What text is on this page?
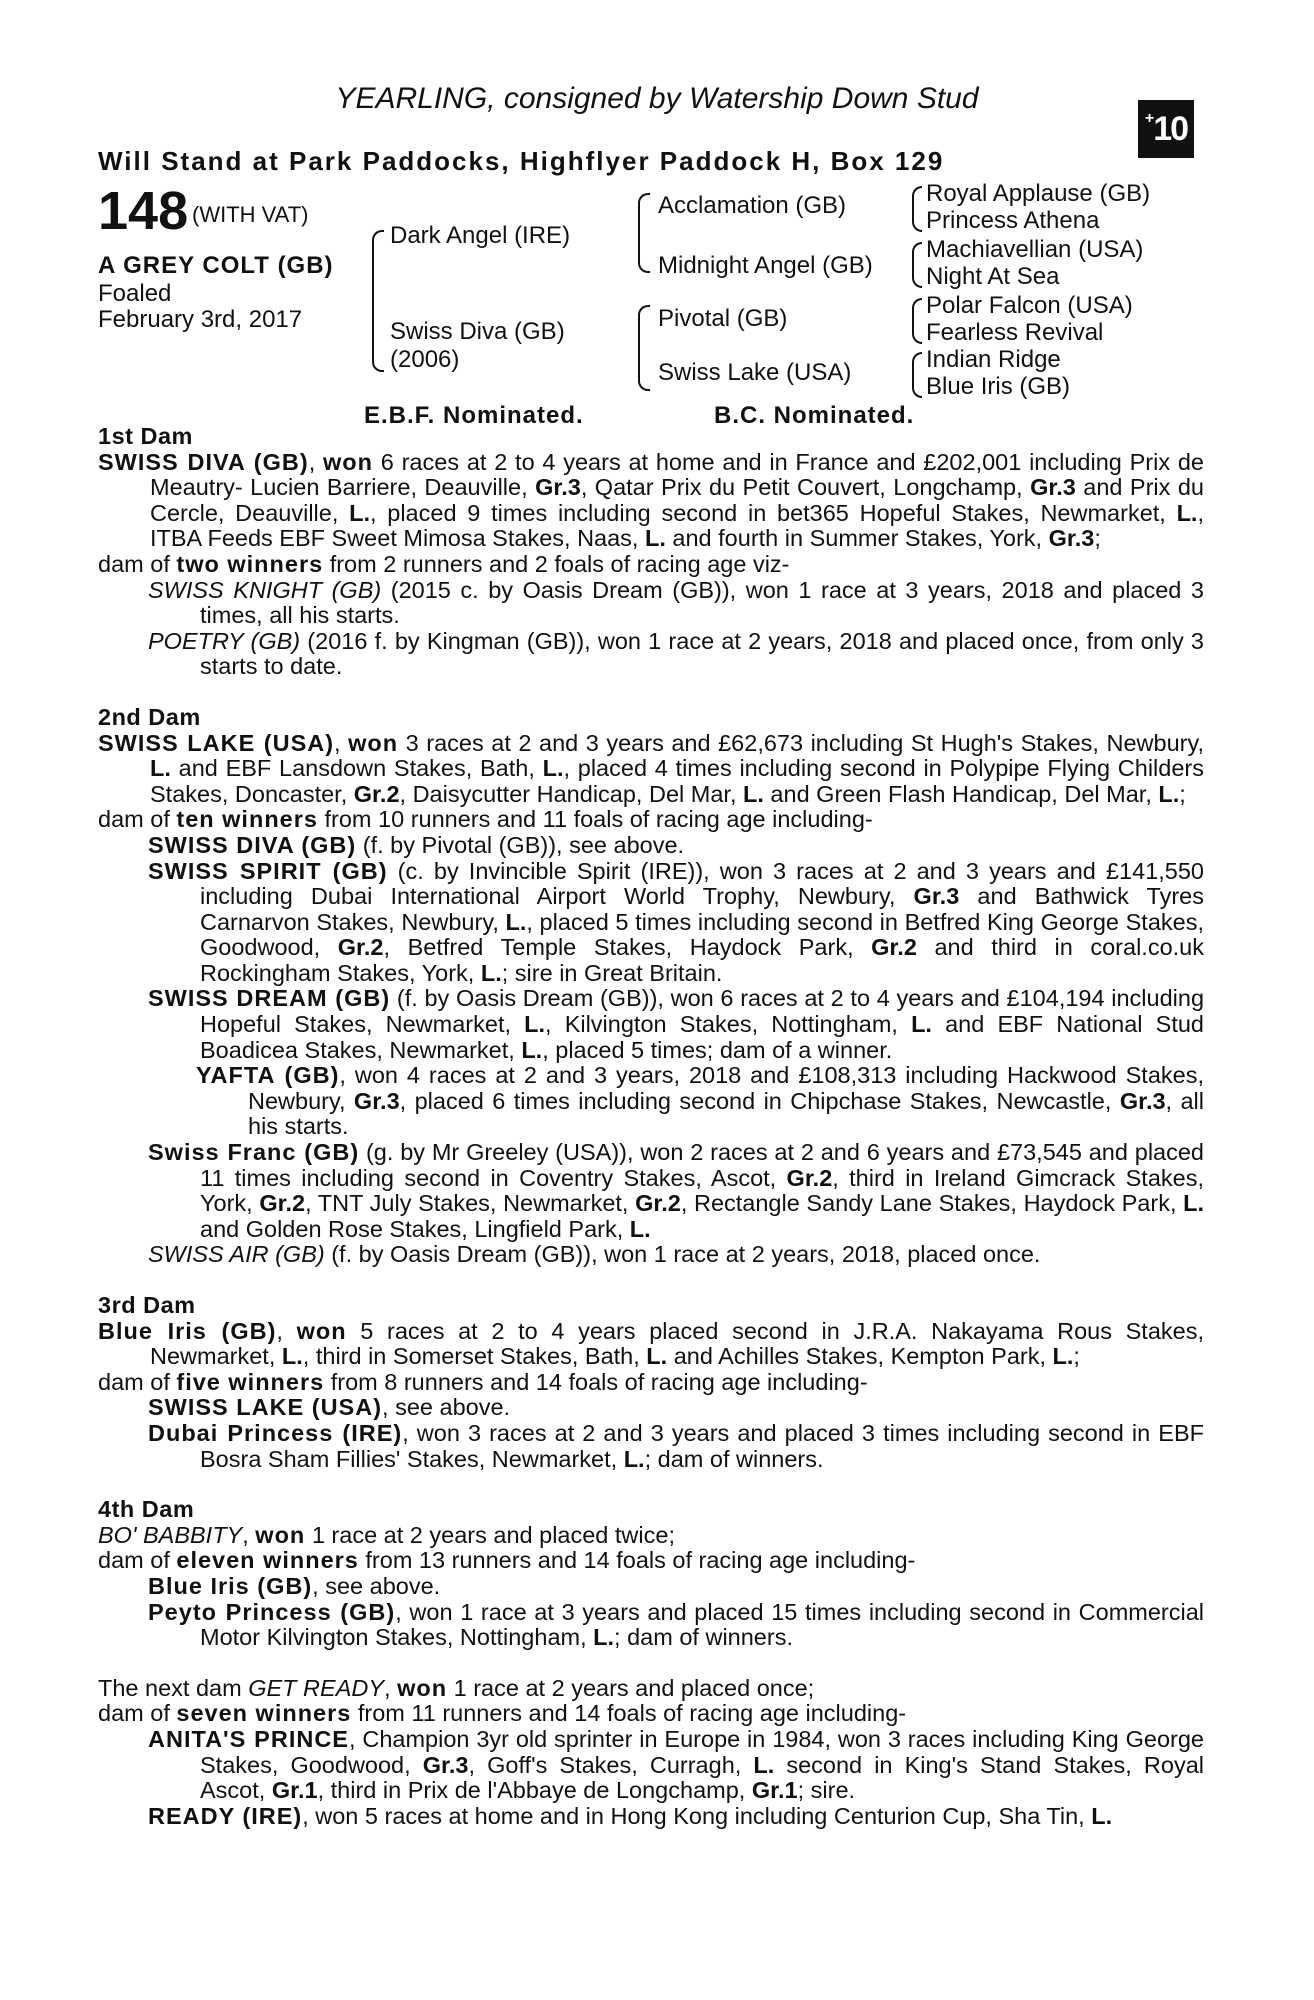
YEARLING, consigned by Watership Down Stud
+ 10
Will Stand at Park Paddocks, Highflyer Paddock H, Box 129
148 (WITH VAT)
A GREY COLT (GB)
Foaled
February 3rd, 2017
Dark Angel (IRE)
Swiss Diva (GB)
(2006)
Acclamation (GB)
Midnight Angel (GB)
Pivotal (GB)
Swiss Lake (USA)
Royal Applause (GB)
Princess Athena
Machiavellian (USA)
Night At Sea
Polar Falcon (USA)
Fearless Revival
Indian Ridge
Blue Iris (GB)
E.B.F. Nominated.	B.C. Nominated.
1st Dam
SWISS DIVA (GB), won 6 races at 2 to 4 years at home and in France and £202,001 including Prix de Meautry- Lucien Barriere, Deauville, Gr.3, Qatar Prix du Petit Couvert, Longchamp, Gr.3 and Prix du Cercle, Deauville, L., placed 9 times including second in bet365 Hopeful Stakes, Newmarket, L., ITBA Feeds EBF Sweet Mimosa Stakes, Naas, L. and fourth in Summer Stakes, York, Gr.3;
dam of two winners from 2 runners and 2 foals of racing age viz-
SWISS KNIGHT (GB) (2015 c. by Oasis Dream (GB)), won 1 race at 3 years, 2018 and placed 3 times, all his starts.
POETRY (GB) (2016 f. by Kingman (GB)), won 1 race at 2 years, 2018 and placed once, from only 3 starts to date.
2nd Dam
SWISS LAKE (USA), won 3 races at 2 and 3 years and £62,673 including St Hugh's Stakes, Newbury, L. and EBF Lansdown Stakes, Bath, L., placed 4 times including second in Polypipe Flying Childers Stakes, Doncaster, Gr.2, Daisycutter Handicap, Del Mar, L. and Green Flash Handicap, Del Mar, L.;
dam of ten winners from 10 runners and 11 foals of racing age including-
SWISS DIVA (GB) (f. by Pivotal (GB)), see above.
SWISS SPIRIT (GB) (c. by Invincible Spirit (IRE)), won 3 races at 2 and 3 years and £141,550 including Dubai International Airport World Trophy, Newbury, Gr.3 and Bathwick Tyres Carnarvon Stakes, Newbury, L., placed 5 times including second in Betfred King George Stakes, Goodwood, Gr.2, Betfred Temple Stakes, Haydock Park, Gr.2 and third in coral.co.uk Rockingham Stakes, York, L.; sire in Great Britain.
SWISS DREAM (GB) (f. by Oasis Dream (GB)), won 6 races at 2 to 4 years and £104,194 including Hopeful Stakes, Newmarket, L., Kilvington Stakes, Nottingham, L. and EBF National Stud Boadicea Stakes, Newmarket, L., placed 5 times; dam of a winner.
YAFTA (GB), won 4 races at 2 and 3 years, 2018 and £108,313 including Hackwood Stakes, Newbury, Gr.3, placed 6 times including second in Chipchase Stakes, Newcastle, Gr.3, all his starts.
Swiss Franc (GB) (g. by Mr Greeley (USA)), won 2 races at 2 and 6 years and £73,545 and placed 11 times including second in Coventry Stakes, Ascot, Gr.2, third in Ireland Gimcrack Stakes, York, Gr.2, TNT July Stakes, Newmarket, Gr.2, Rectangle Sandy Lane Stakes, Haydock Park, L. and Golden Rose Stakes, Lingfield Park, L.
SWISS AIR (GB) (f. by Oasis Dream (GB)), won 1 race at 2 years, 2018, placed once.
3rd Dam
Blue Iris (GB), won 5 races at 2 to 4 years placed second in J.R.A. Nakayama Rous Stakes, Newmarket, L., third in Somerset Stakes, Bath, L. and Achilles Stakes, Kempton Park, L.;
dam of five winners from 8 runners and 14 foals of racing age including-
SWISS LAKE (USA), see above.
Dubai Princess (IRE), won 3 races at 2 and 3 years and placed 3 times including second in EBF Bosra Sham Fillies' Stakes, Newmarket, L.; dam of winners.
4th Dam
BO' BABBITY, won 1 race at 2 years and placed twice;
dam of eleven winners from 13 runners and 14 foals of racing age including-
Blue Iris (GB), see above.
Peyto Princess (GB), won 1 race at 3 years and placed 15 times including second in Commercial Motor Kilvington Stakes, Nottingham, L.; dam of winners.
The next dam GET READY, won 1 race at 2 years and placed once;
dam of seven winners from 11 runners and 14 foals of racing age including-
ANITA'S PRINCE, Champion 3yr old sprinter in Europe in 1984, won 3 races including King George Stakes, Goodwood, Gr.3, Goff's Stakes, Curragh, L. second in King's Stand Stakes, Royal Ascot, Gr.1, third in Prix de l'Abbaye de Longchamp, Gr.1; sire.
READY (IRE), won 5 races at home and in Hong Kong including Centurion Cup, Sha Tin, L.
